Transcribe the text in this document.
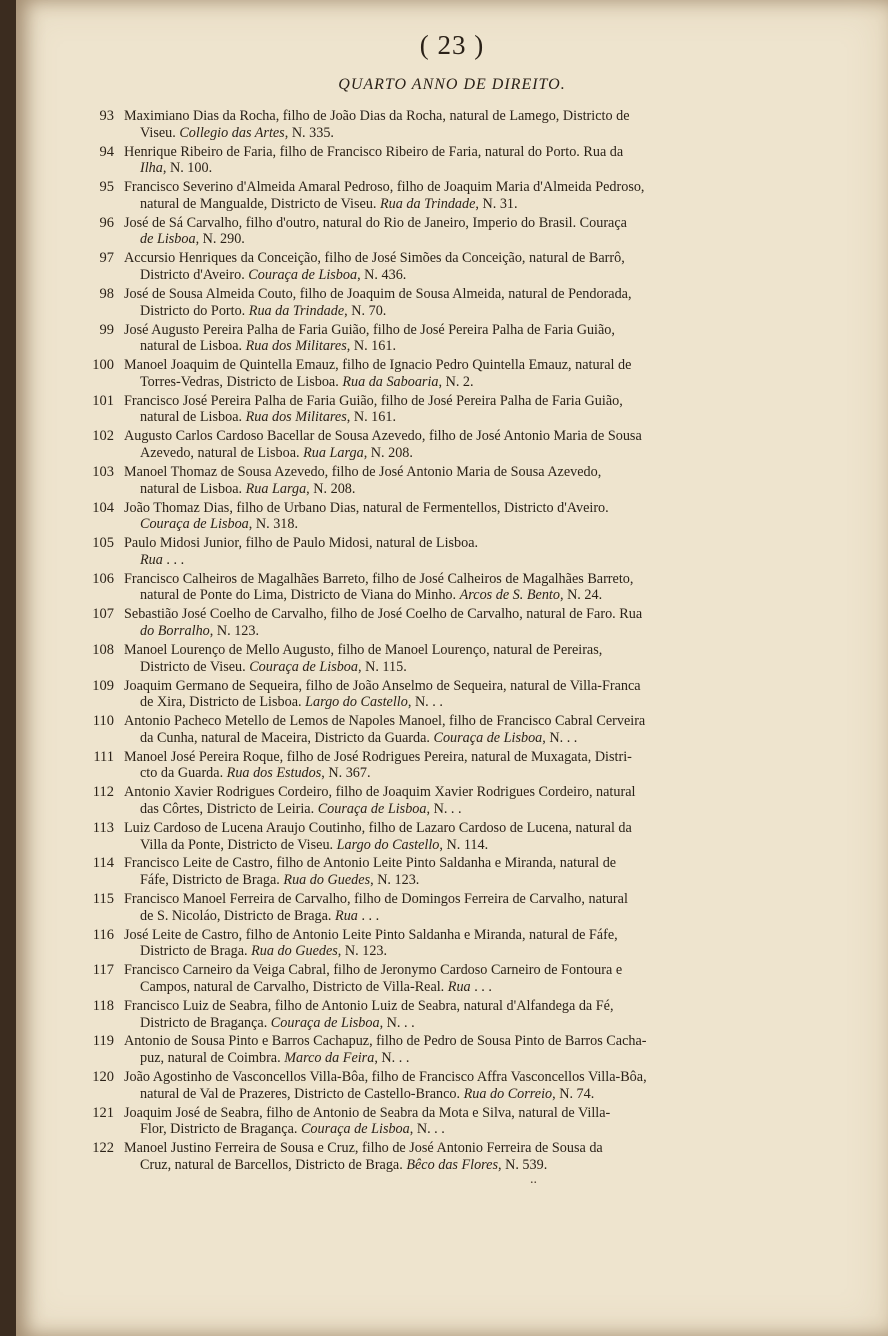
( 23 )
QUARTO ANNO DE DIREITO.
93 Maximiano Dias da Rocha, filho de João Dias da Rocha, natural de Lamego, Districto de
Viseu. Collegio das Artes, N. 335.
94 Henrique Ribeiro de Faria, filho de Francisco Ribeiro de Faria, natural do Porto. Rua da
Ilha, N. 100.
95 Francisco Severino d'Almeida Amaral Pedroso, filho de Joaquim Maria d'Almeida Pedroso,
natural de Mangualde, Districto de Viseu. Rua da Trindade, N. 31.
96 José de Sá Carvalho, filho d'outro, natural do Rio de Janeiro, Imperio do Brasil. Couraça
de Lisboa, N. 290.
97 Accursio Henriques da Conceição, filho de José Simões da Conceição, natural de Barrô,
Districto d'Aveiro. Couraça de Lisboa, N. 436.
98 José de Sousa Almeida Couto, filho de Joaquim de Sousa Almeida, natural de Pendorada,
Districto do Porto. Rua da Trindade, N. 70.
99 José Augusto Pereira Palha de Faria Guião, filho de José Pereira Palha de Faria Guião,
natural de Lisboa. Rua dos Militares, N. 161.
100 Manoel Joaquim de Quintella Emauz, filho de Ignacio Pedro Quintella Emauz, natural de
Torres-Vedras, Districto de Lisboa. Rua da Saboaria, N. 2.
101 Francisco José Pereira Palha de Faria Guião, filho de José Pereira Palha de Faria Guião,
natural de Lisboa. Rua dos Militares, N. 161.
102 Augusto Carlos Cardoso Bacellar de Sousa Azevedo, filho de José Antonio Maria de Sousa
Azevedo, natural de Lisboa. Rua Larga, N. 208.
103 Manoel Thomaz de Sousa Azevedo, filho de José Antonio Maria de Sousa Azevedo,
natural de Lisboa. Rua Larga, N. 208.
104 João Thomaz Dias, filho de Urbano Dias, natural de Fermentellos, Districto d'Aveiro.
Couraça de Lisboa, N. 318.
105 Paulo Midosi Junior, filho de Paulo Midosi, natural de Lisboa.
Rua . . .
106 Francisco Calheiros de Magalhães Barreto, filho de José Calheiros de Magalhães Barreto,
natural de Ponte do Lima, Districto de Viana do Minho. Arcos de S. Bento, N. 24.
107 Sebastião José Coelho de Carvalho, filho de José Coelho de Carvalho, natural de Faro. Rua
do Borralho, N. 123.
108 Manoel Lourenço de Mello Augusto, filho de Manoel Lourenço, natural de Pereiras,
Districto de Viseu. Couraça de Lisboa, N. 115.
109 Joaquim Germano de Sequeira, filho de João Anselmo de Sequeira, natural de Villa-Franca
de Xira, Districto de Lisboa. Largo do Castello, N. . .
110 Antonio Pacheco Metello de Lemos de Napoles Manoel, filho de Francisco Cabral Cerveira
da Cunha, natural de Maceira, Districto da Guarda. Couraça de Lisboa, N. . .
111 Manoel José Pereira Roque, filho de José Rodrigues Pereira, natural de Muxagata, Distri-
cto da Guarda. Rua dos Estudos, N. 367.
112 Antonio Xavier Rodrigues Cordeiro, filho de Joaquim Xavier Rodrigues Cordeiro, natural
das Côrtes, Districto de Leiria. Couraça de Lisboa, N. . .
113 Luiz Cardoso de Lucena Araujo Coutinho, filho de Lazaro Cardoso de Lucena, natural da
Villa da Ponte, Districto de Viseu. Largo do Castello, N. 114.
114 Francisco Leite de Castro, filho de Antonio Leite Pinto Saldanha e Miranda, natural de
Fáfe, Districto de Braga. Rua do Guedes, N. 123.
115 Francisco Manoel Ferreira de Carvalho, filho de Domingos Ferreira de Carvalho, natural
de S. Nicoláo, Districto de Braga. Rua . . .
116 José Leite de Castro, filho de Antonio Leite Pinto Saldanha e Miranda, natural de Fáfe,
Districto de Braga. Rua do Guedes, N. 123.
117 Francisco Carneiro da Veiga Cabral, filho de Jeronymo Cardoso Carneiro de Fontoura e
Campos, natural de Carvalho, Districto de Villa-Real. Rua . . .
118 Francisco Luiz de Seabra, filho de Antonio Luiz de Seabra, natural d'Alfandega da Fé,
Districto de Bragança. Couraça de Lisboa, N. . .
119 Antonio de Sousa Pinto e Barros Cachapuz, filho de Pedro de Sousa Pinto de Barros Cacha-
puz, natural de Coimbra. Marco da Feira, N. . .
120 João Agostinho de Vasconcellos Villa-Bôa, filho de Francisco Affra Vasconcellos Villa-Bôa,
natural de Val de Prazeres, Districto de Castello-Branco. Rua do Correio, N. 74.
121 Joaquim José de Seabra, filho de Antonio de Seabra da Mota e Silva, natural de Villa-
Flor, Districto de Bragança. Couraça de Lisboa, N. . .
122 Manoel Justino Ferreira de Sousa e Cruz, filho de José Antonio Ferreira de Sousa da
Cruz, natural de Barcellos, Districto de Braga. Bêco das Flores, N. 539.
..
